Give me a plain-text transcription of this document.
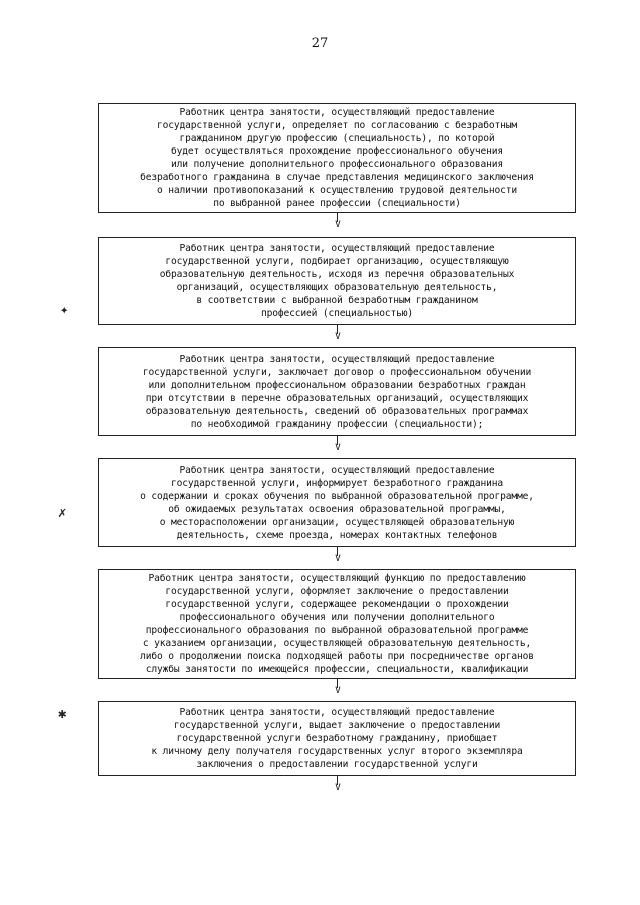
27
✦
✗
✱
Работник центра занятости, осуществляющий предоставление
государственной услуги, определяет по согласованию с безработным
гражданином другую профессию (специальность), по которой
будет осуществляться прохождение профессионального обучения
или получение дополнительного профессионального образования
безработного гражданина в случае представления медицинского заключения
о наличии противопоказаний к осуществлению трудовой деятельности
по выбранной ранее профессии (специальности)
V
Работник центра занятости, осуществляющий предоставление
государственной услуги, подбирает организацию, осуществляющую
образовательную деятельность, исходя из перечня образовательных
организаций, осуществляющих образовательную деятельность,
в соответствии с выбранной безработным гражданином
профессией (специальностью)
V
Работник центра занятости, осуществляющий предоставление
государственной услуги, заключает договор о профессиональном обучении
или дополнительном профессиональном образовании безработных граждан
при отсутствии в перечне образовательных организаций, осуществляющих
образовательную деятельность, сведений об образовательных программах
по необходимой гражданину профессии (специальности);
V
Работник центра занятости, осуществляющий предоставление
государственной услуги, информирует безработного гражданина
о содержании и сроках обучения по выбранной образовательной программе,
об ожидаемых результатах освоения образовательной программы,
о месторасположении организации, осуществляющей образовательную
деятельность, схеме проезда, номерах контактных телефонов
V
Работник центра занятости, осуществляющий функцию по предоставлению
государственной услуги, оформляет заключение о предоставлении
государственной услуги, содержащее рекомендации о прохождении
профессионального обучения или получении дополнительного
профессионального образования по выбранной образовательной программе
с указанием организации, осуществляющей образовательную деятельность,
либо о продолжении поиска подходящей работы при посредничестве органов
службы занятости по имеющейся профессии, специальности, квалификации
V
Работник центра занятости, осуществляющий предоставление
государственной услуги, выдает заключение о предоставлении
государственной услуги безработному гражданину, приобщает
к личному делу получателя государственных услуг второго экземпляра
заключения о предоставлении государственной услуги
V
